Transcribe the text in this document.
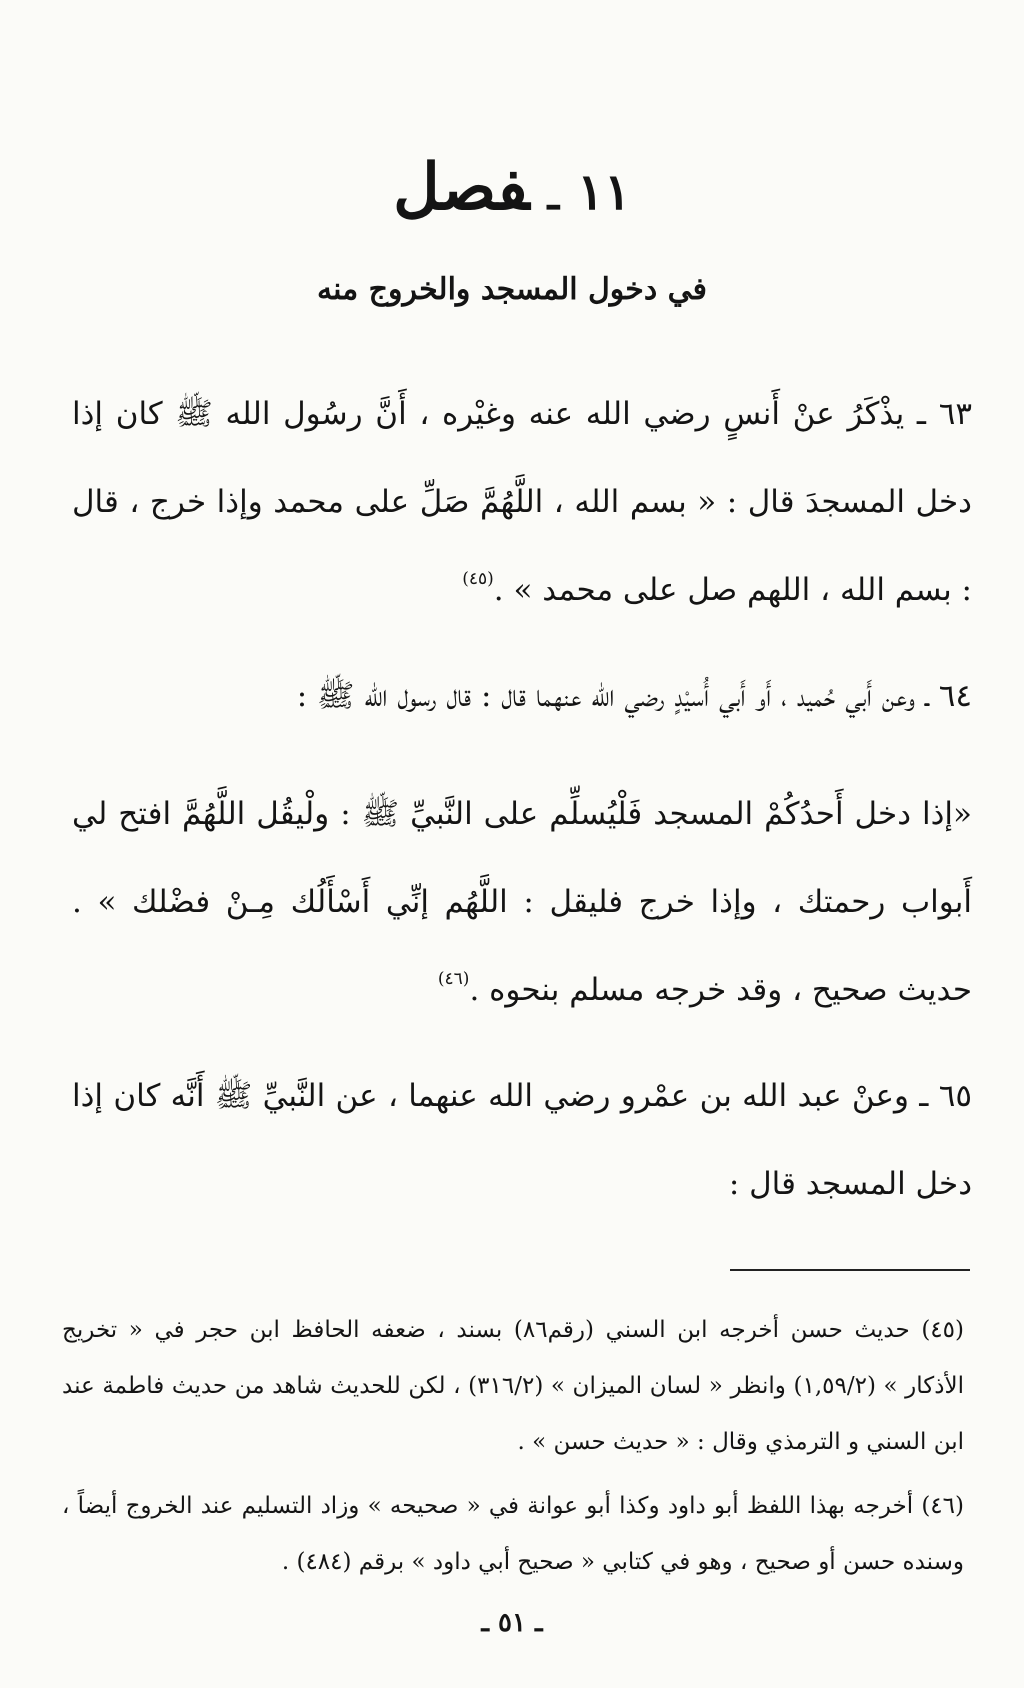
١١ـفصل
في دخول المسجد والخروج منه

٦٣ ـ يذْكَرُ عنْ أَنسٍ رضي الله عنه وغيْره ، أَنَّ رسُول الله ﷺ كان إذا دخل المسجدَ قال : « بسم الله ، اللَّهُمَّ صَلِّ على محمد وإذا خرج ، قال : بسم الله ، اللهم صل على محمد » .$^{(٤٥)}$

٦٤ ـ وعن أَبي حُميد ، أَو أَبي أُسيْدٍ رضي الله عنهما قال : قال رسول الله ﷺ :

«إذا دخل أَحدُكُمْ المسجد فَلْيُسلِّم على النَّبيِّ ﷺ : ولْيقُل اللَّهُمَّ افتح لي أَبواب رحمتك ، وإذا خرج فليقل : اللَّهُم إنِّي أَسْأَلُك مِـنْ فضْلك » . حديث صحيح ، وقد خرجه مسلم بنحوه .$^{(٤٦)}$

٦٥ ـ وعنْ عبد الله بن عمْرو رضي الله عنهما ، عن النَّبيِّ ﷺ أَنَّه كان إذا دخل المسجد قال :

(٤٥) حديث حسن أخرجه ابن السني (رقم٨٦) بسند ، ضعفه الحافظ ابن حجر في « تخريج الأذكار » (١,٥٩/٢) وانظر « لسان الميزان » (٣١٦/٢) ، لكن للحديث شاهد من حديث فاطمة عند ابن السني و الترمذي وقال : « حديث حسن » .

(٤٦) أخرجه بهذا اللفظ أبو داود وكذا أبو عوانة في « صحيحه » وزاد التسليم عند الخروج أيضاً ، وسنده حسن أو صحيح ، وهو في كتابي « صحيح أبي داود » برقم (٤٨٤) .

ـ ٥١ ـ
